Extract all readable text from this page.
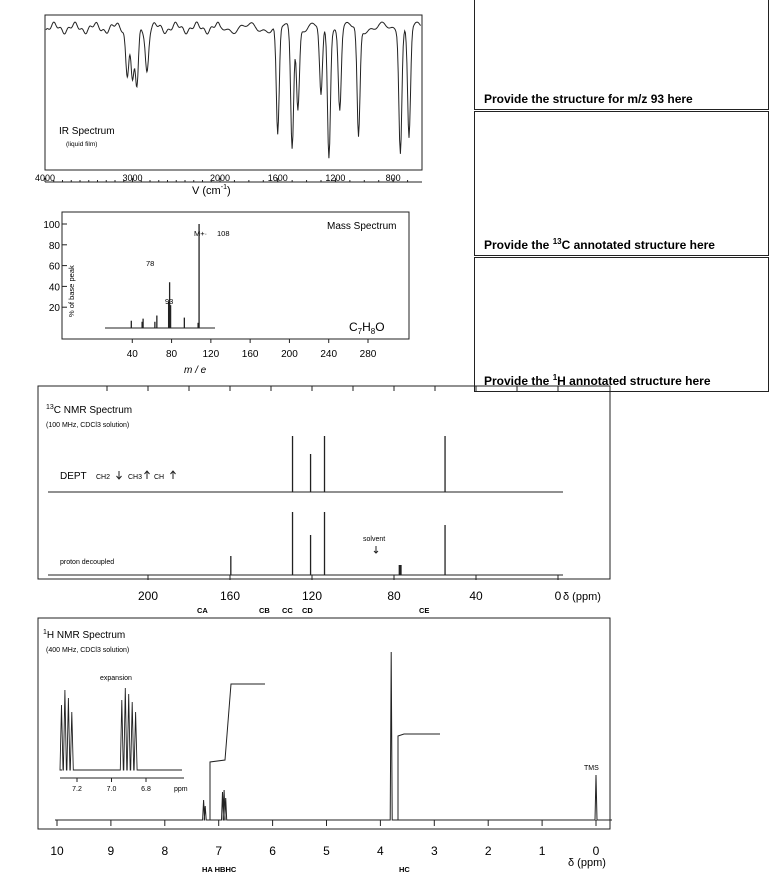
Provide the structure for m/z 93 here
Provide the $^{13}$C annotated structure here
Provide the $^1$H annotated structure here
4000	3000	2000	1600	1200	800
IR Spectrum
(liquid film)
V $(cm^{-1})$
100
80
60
40
20
40	80	120 160 200 240 280
% of base peak
Mass Spectrum
$C_7H_8O$
M+· 108
78
93
m / e
$^{13}$C NMR Spectrum
(100 MHz, CDCl3 solution)
DEPT CH2	CH3 CH
proton decoupled
solvent
200	160	120	80	40	0 δ (ppm)
CA	CB CC CD	CE
$^1$H NMR Spectrum
(400 MHz, CDCl3 solution)
expansion
7.2	7.0	6.8	ppm
TMS
10	9	8	7	6	5	4	3	2	1	0
δ (ppm)
HA HBHC	HC
